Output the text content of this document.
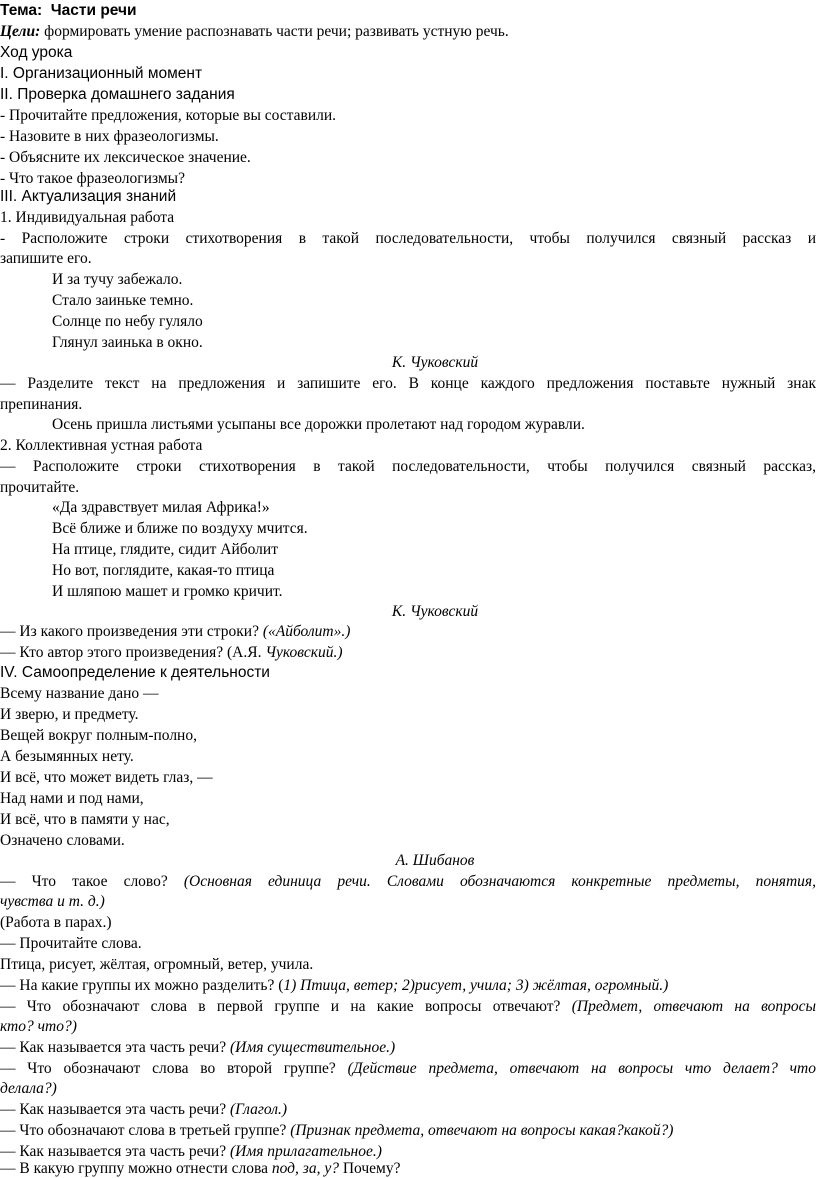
Тема: Части речи
Цели: формировать умение распознавать части речи; развивать устную речь.
Ход урока
I. Организационный момент
II. Проверка домашнего задания
- Прочитайте предложения, которые вы составили.
- Назовите в них фразеологизмы.
- Объясните их лексическое значение.
- Что такое фразеологизмы?
III. Актуализация знаний
1. Индивидуальная работа
- Расположите строки стихотворения в такой последовательности, чтобы получился связный рассказ и
запишите его.
И за тучу забежало.
Стало заиньке темно.
Солнце по небу гуляло
Глянул заинька в окно.
К. Чуковский
— Разделите текст на предложения и запишите его. В конце каждого предложения поставьте нужный знак
препинания.
Осень пришла листьями усыпаны все дорожки пролетают над городом журавли.
2. Коллективная устная работа
— Расположите строки стихотворения в такой последовательности, чтобы получился связный рассказ,
прочитайте.
«Да здравствует милая Африка!»
Всё ближе и ближе по воздуху мчится.
На птице, глядите, сидит Айболит
Но вот, поглядите, какая-то птица
И шляпою машет и громко кричит.
К. Чуковский
— Из какого произведения эти строки? («Айболит».)
— Кто автор этого произведения? (А.Я. Чуковский.)
IV. Самоопределение к деятельности
Всему название дано —
И зверю, и предмету.
Вещей вокруг полным-полно,
А безымянных нету.
И всё, что может видеть глаз, —
Над нами и под нами,
И всё, что в памяти у нас,
Означено словами.
А. Шибанов
— Что такое слово? (Основная единица речи. Словами обозначаются конкретные предметы, понятия,
чувства и т. д.)
(Работа в парах.)
— Прочитайте слова.
Птица, рисует, жёлтая, огромный, ветер, учила.
— На какие группы их можно разделить? (1) Птица, ветер; 2)рисует, учила; 3) жёлтая, огромный.)
— Что обозначают слова в первой группе и на какие вопросы отвечают? (Предмет, отвечают на вопросы
кто? что?)
— Как называется эта часть речи? (Имя существительное.)
— Что обозначают слова во второй группе? (Действие предмета, отвечают на вопросы что делает? что
делала?)
— Как называется эта часть речи? (Глагол.)
— Что обозначают слова в третьей группе? (Признак предмета, отвечают на вопросы какая?какой?)
— Как называется эта часть речи? (Имя прилагательное.)
— В какую группу можно отнести слова под, за, у? Почему?
